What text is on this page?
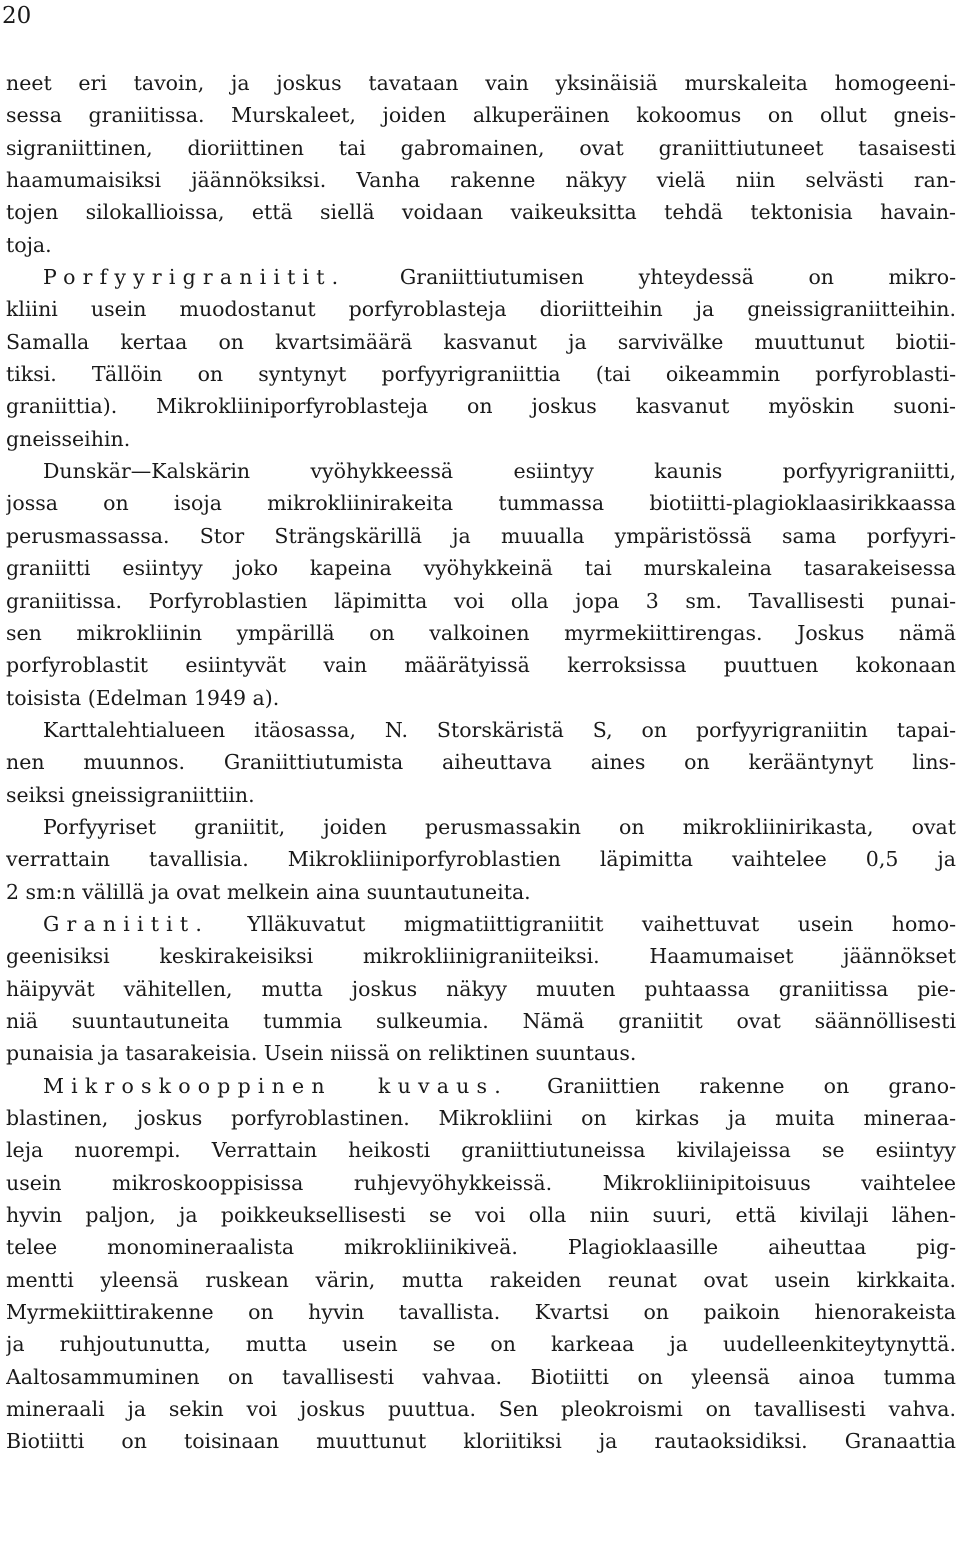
20
neet eri tavoin, ja joskus tavataan vain yksinäisiä murskaleita homogeeni-
sessa graniitissa. Murskaleet, joiden alkuperäinen kokoomus on ollut gneis-
sigraniittinen, dioriittinen tai gabromainen, ovat graniittiutuneet tasaisesti
haamumaisiksi jäännöksiksi. Vanha rakenne näkyy vielä niin selvästi ran-
tojen silokallioissa, että siellä voidaan vaikeuksitta tehdä tektonisia havain-
toja.
Porfyyrigraniitit. Graniittiutumisen yhteydessä on mikro-
kliini usein muodostanut porfyroblasteja dioriitteihin ja gneissigraniitteihin.
Samalla kertaa on kvartsimäärä kasvanut ja sarvivälke muuttunut biotii-
tiksi. Tällöin on syntynyt porfyyrigraniittia (tai oikeammin porfyroblasti-
graniittia). Mikrokliiniporfyroblasteja on joskus kasvanut myöskin suoni-
gneisseihin.
Dunskär—Kalskärin vyöhykkeessä esiintyy kaunis porfyyrigraniitti,
jossa on isoja mikrokliinirakeita tummassa biotiitti-plagioklaasirikkaassa
perusmassassa. Stor Strängskärillä ja muualla ympäristössä sama porfyyri-
graniitti esiintyy joko kapeina vyöhykkeinä tai murskaleina tasarakeisessa
graniitissa. Porfyroblastien läpimitta voi olla jopa 3 sm. Tavallisesti punai-
sen mikrokliinin ympärillä on valkoinen myrmekiittirengas. Joskus nämä
porfyroblastit esiintyvät vain määrätyissä kerroksissa puuttuen kokonaan
toisista (Edelman 1949 a).
Karttalehtialueen itäosassa, N. Storskäristä S, on porfyyrigraniitin tapai-
nen muunnos. Graniittiutumista aiheuttava aines on kerääntynyt lins-
seiksi gneissigraniittiin.
Porfyyriset graniitit, joiden perusmassakin on mikrokliinirikasta, ovat
verrattain tavallisia. Mikrokliiniporfyroblastien läpimitta vaihtelee 0,5 ja
2 sm:n välillä ja ovat melkein aina suuntautuneita.
Graniitit. Ylläkuvatut migmatiittigraniitit vaihettuvat usein homo-
geenisiksi keskirakeisiksi mikrokliinigraniiteiksi. Haamumaiset jäännökset
häipyvät vähitellen, mutta joskus näkyy muuten puhtaassa graniitissa pie-
niä suuntautuneita tummia sulkeumia. Nämä graniitit ovat säännöllisesti
punaisia ja tasarakeisia. Usein niissä on reliktinen suuntaus.
Mikroskooppinen kuvaus. Graniittien rakenne on grano-
blastinen, joskus porfyroblastinen. Mikrokliini on kirkas ja muita mineraa-
leja nuorempi. Verrattain heikosti graniittiutuneissa kivilajeissa se esiintyy
usein mikroskooppisissa ruhjevyöhykkeissä. Mikrokliinipitoisuus vaihtelee
hyvin paljon, ja poikkeuksellisesti se voi olla niin suuri, että kivilaji lähen-
telee monomineraalista mikrokliinikiveä. Plagioklaasille aiheuttaa pig-
mentti yleensä ruskean värin, mutta rakeiden reunat ovat usein kirkkaita.
Myrmekiittirakenne on hyvin tavallista. Kvartsi on paikoin hienorakeista
ja ruhjoutunutta, mutta usein se on karkeaa ja uudelleenkiteytynyttä.
Aaltosammuminen on tavallisesti vahvaa. Biotiitti on yleensä ainoa tumma
mineraali ja sekin voi joskus puuttua. Sen pleokroismi on tavallisesti vahva.
Biotiitti on toisinaan muuttunut kloriitiksi ja rautaoksidiksi. Granaattia
